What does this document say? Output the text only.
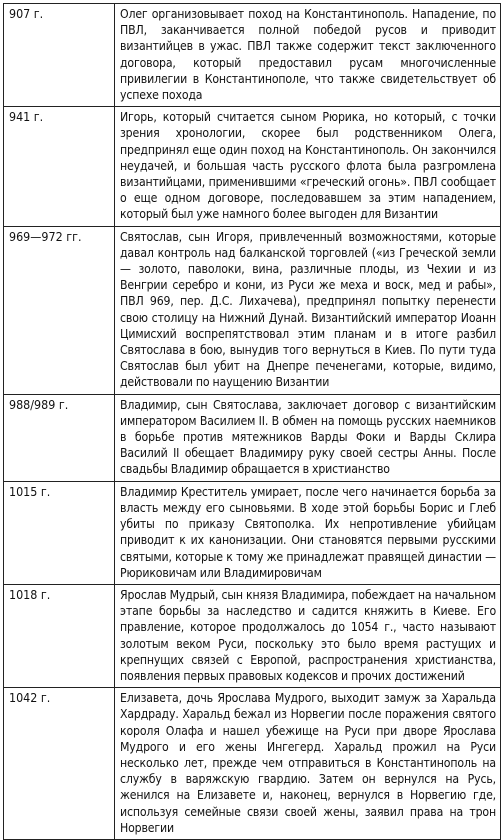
907 г.	Олег организовывает поход на Константинополь. Нападение, по ПВЛ, заканчивается полной победой русов и приводит византийцев в ужас. ПВЛ также содержит текст заключенного договора, который предоставил русам многочисленные привилегии в Константинополе, что также свидетельствует об успехе похода
941 г.	Игорь, который считается сыном Рюрика, но который, с точки зрения хронологии, скорее был родственником Олега, предпринял еще один поход на Константинополь. Он закончился неудачей, и большая часть русского флота была разгромлена византийцами, применившими «греческий огонь». ПВЛ сообщает о еще одном договоре, последовавшем за этим нападением, который был уже намного более выгоден для Византии
969—972 гг.	Святослав, сын Игоря, привлеченный возможностями, которые давал контроль над балканской торговлей («из Греческой земли — золото, паволоки, вина, различные плоды, из Чехии и из Венгрии серебро и кони, из Руси же меха и воск, мед и рабы», ПВЛ 969, пер. Д.С. Лихачева), предпринял попытку перенести свою столицу на Нижний Дунай. Византийский император Иоанн Цимисхий воспрепятствовал этим планам и в итоге разбил Святослава в бою, вынудив того вернуться в Киев. По пути туда Святослав был убит на Днепре печенегами, которые, видимо, действовали по наущению Византии
988/989 г.	Владимир, сын Святослава, заключает договор с византийским императором Василием II. В обмен на помощь русских наемников в борьбе против мятежников Варды Фоки и Варды Склира Василий II обещает Владимиру руку своей сестры Анны. После свадьбы Владимир обращается в христианство
1015 г.	Владимир Креститель умирает, после чего начинается борьба за власть между его сыновьями. В ходе этой борьбы Борис и Глеб убиты по приказу Святополка. Их непротивление убийцам приводит к их канонизации. Они становятся первыми русскими святыми, которые к тому же принадлежат правящей династии — Рюриковичам или Владимировичам
1018 г.	Ярослав Мудрый, сын князя Владимира, побеждает на начальном этапе борьбы за наследство и садится княжить в Киеве. Его правление, которое продолжалось до 1054 г., часто называют золотым веком Руси, поскольку это было время растущих и крепнущих связей с Европой, распространения христианства, появления первых правовых кодексов и прочих достижений
1042 г.	Елизавета, дочь Ярослава Мудрого, выходит замуж за Харальда Хардраду. Харальд бежал из Норвегии после поражения святого короля Олафа и нашел убежище на Руси при дворе Ярослава Мудрого и его жены Ингегерд. Харальд прожил на Руси несколько лет, прежде чем отправиться в Константинополь на службу в варяжскую гвардию. Затем он вернулся на Русь, женился на Елизавете и, наконец, вернулся в Норвегию где, используя семейные связи своей жены, заявил права на трон Норвегии
